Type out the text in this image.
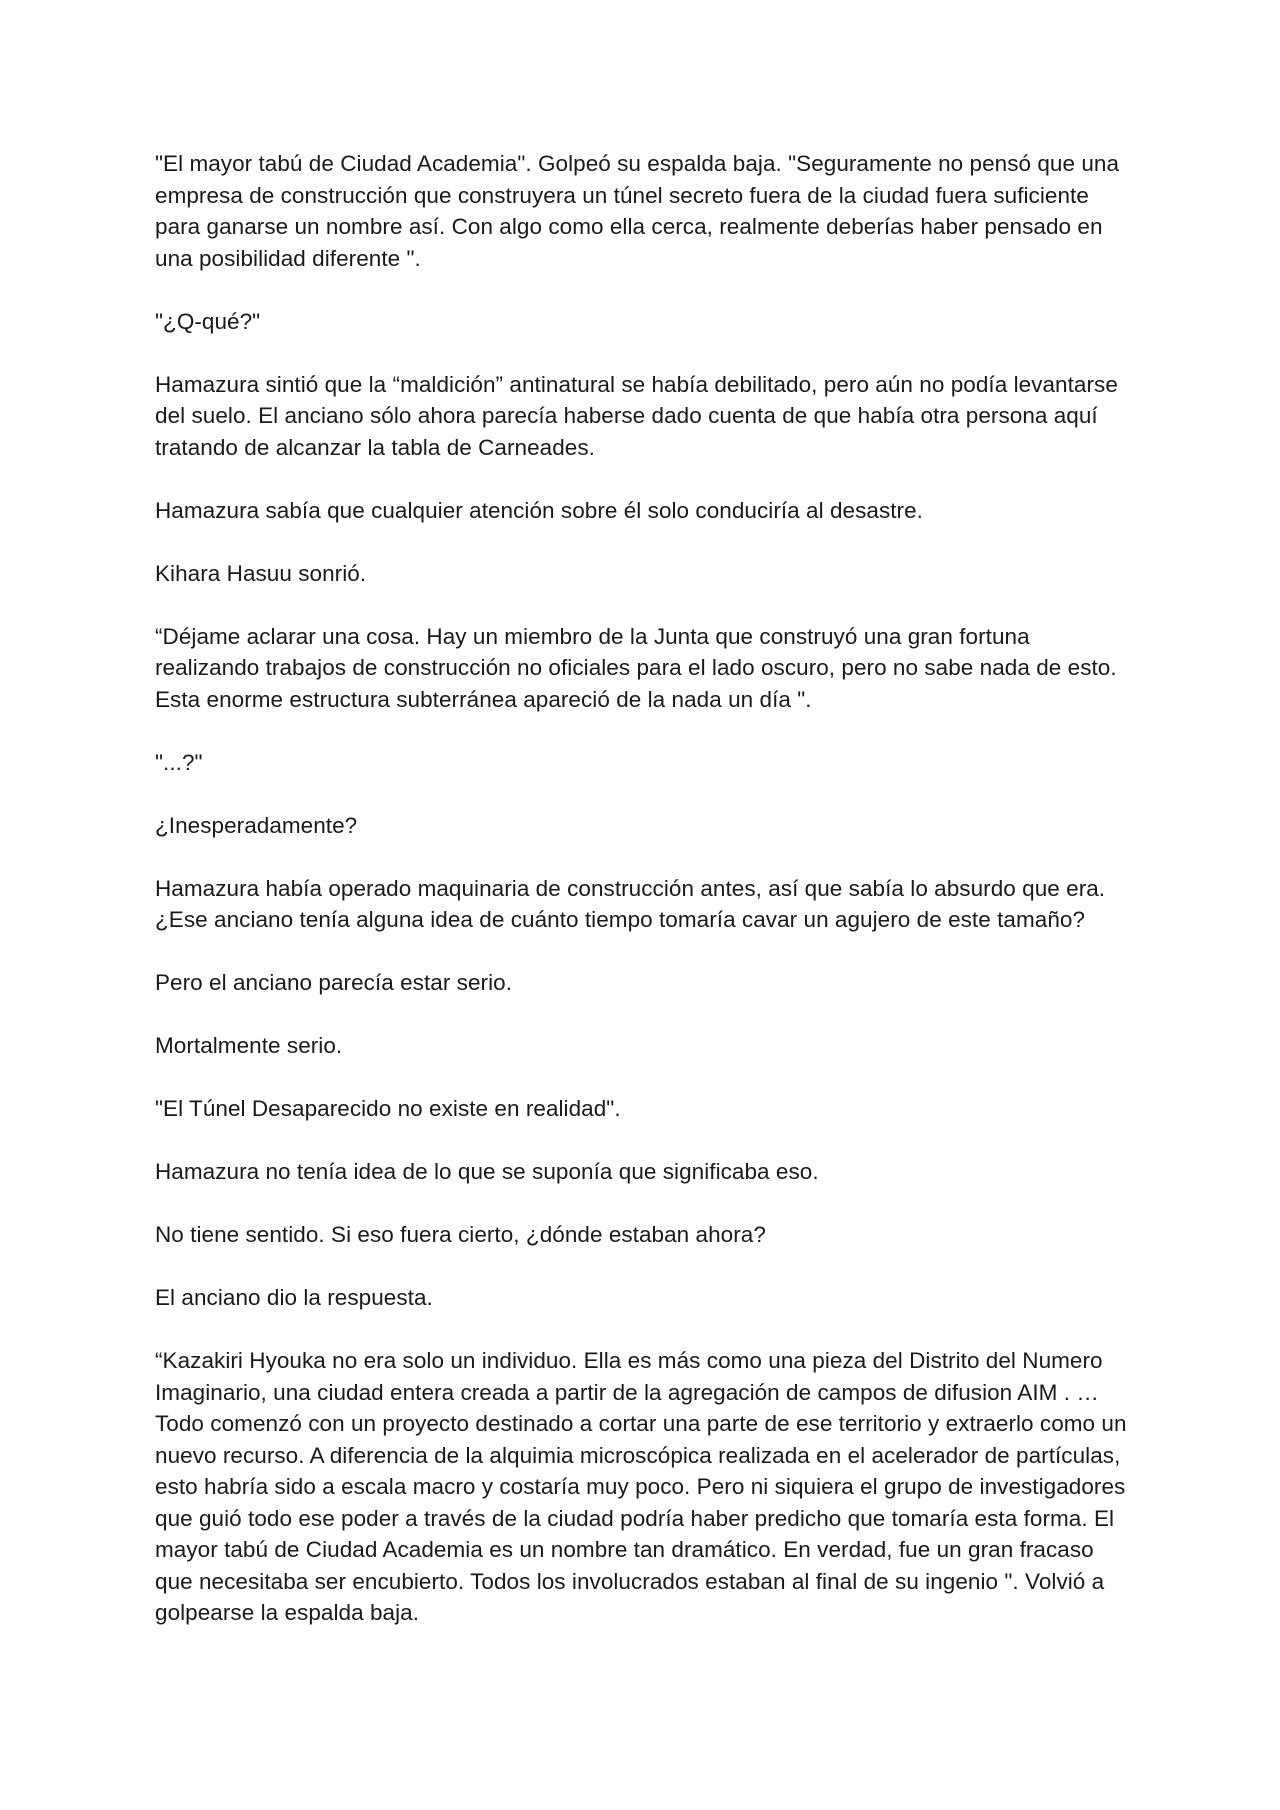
"El mayor tabú de Ciudad Academia". Golpeó su espalda baja. "Seguramente no pensó que una empresa de construcción que construyera un túnel secreto fuera de la ciudad fuera suficiente para ganarse un nombre así. Con algo como ella cerca, realmente deberías haber pensado en una posibilidad diferente ".

"¿Q-qué?"

Hamazura sintió que la “maldición” antinatural se había debilitado, pero aún no podía levantarse del suelo. El anciano sólo ahora parecía haberse dado cuenta de que había otra persona aquí tratando de alcanzar la tabla de Carneades.

Hamazura sabía que cualquier atención sobre él solo conduciría al desastre.

Kihara Hasuu sonrió.

“Déjame aclarar una cosa. Hay un miembro de la Junta que construyó una gran fortuna realizando trabajos de construcción no oficiales para el lado oscuro, pero no sabe nada de esto. Esta enorme estructura subterránea apareció de la nada un día ".

"...?"

¿Inesperadamente?

Hamazura había operado maquinaria de construcción antes, así que sabía lo absurdo que era. ¿Ese anciano tenía alguna idea de cuánto tiempo tomaría cavar un agujero de este tamaño?

Pero el anciano parecía estar serio.

Mortalmente serio.

"El Túnel Desaparecido no existe en realidad".

Hamazura no tenía idea de lo que se suponía que significaba eso.

No tiene sentido. Si eso fuera cierto, ¿dónde estaban ahora?

El anciano dio la respuesta.

“Kazakiri Hyouka no era solo un individuo. Ella es más como una pieza del Distrito del Numero Imaginario, una ciudad entera creada a partir de la agregación de campos de difusion AIM . … Todo comenzó con un proyecto destinado a cortar una parte de ese territorio y extraerlo como un nuevo recurso. A diferencia de la alquimia microscópica realizada en el acelerador de partículas, esto habría sido a escala macro y costaría muy poco. Pero ni siquiera el grupo de investigadores que guió todo ese poder a través de la ciudad podría haber predicho que tomaría esta forma. El mayor tabú de Ciudad Academia es un nombre tan dramático. En verdad, fue un gran fracaso que necesitaba ser encubierto. Todos los involucrados estaban al final de su ingenio ". Volvió a golpearse la espalda baja.
